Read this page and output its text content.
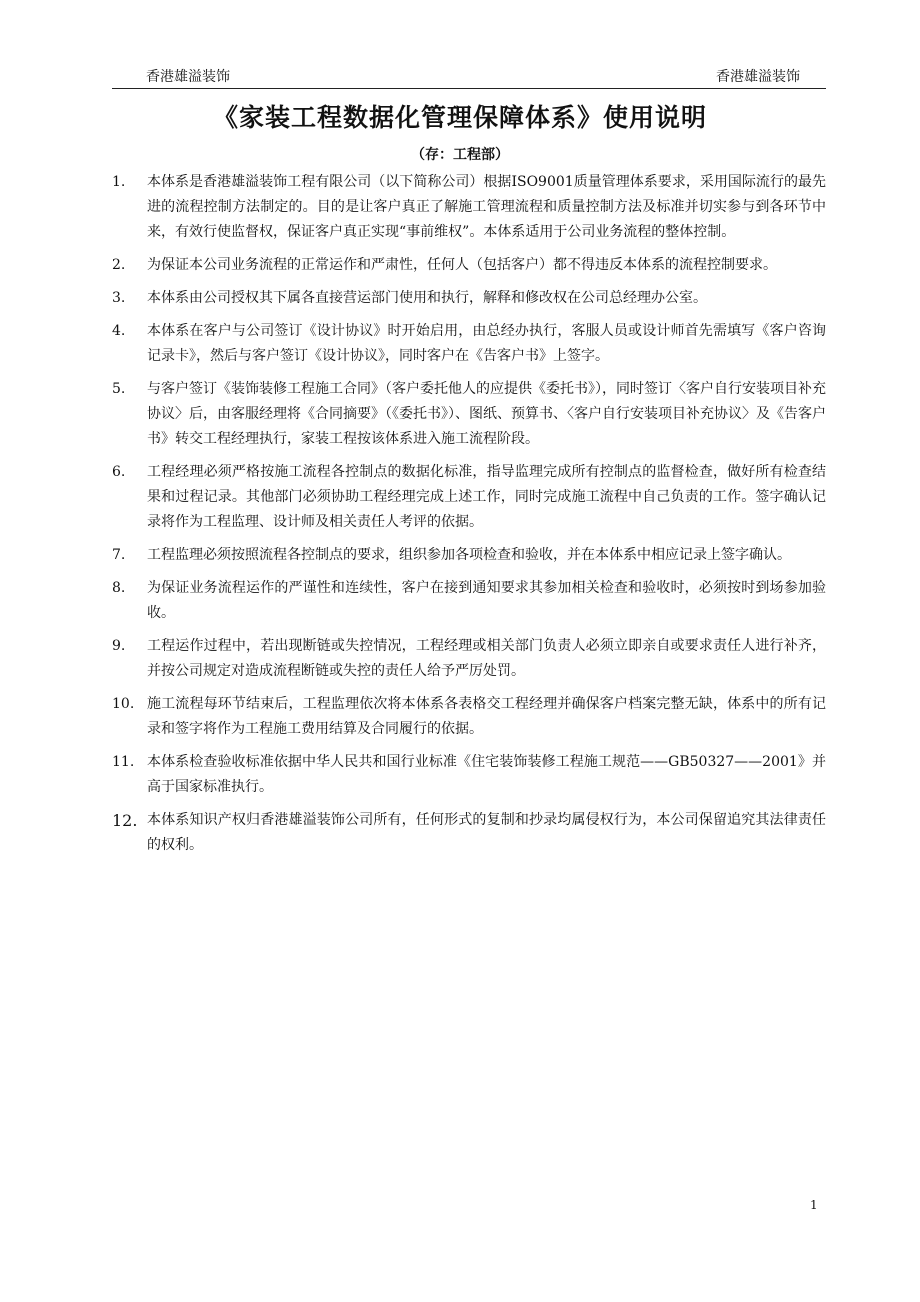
香港雄溢装饰	香港雄溢装饰
《家装工程数据化管理保障体系》使用说明
（存：工程部）
1.	本体系是香港雄溢装饰工程有限公司（以下简称公司）根据ISO9001质量管理体系要求，采用国际流行的最先进的流程控制方法制定的。目的是让客户真正了解施工管理流程和质量控制方法及标准并切实参与到各环节中来，有效行使监督权，保证客户真正实现“事前维权”。本体系适用于公司业务流程的整体控制。
2.	为保证本公司业务流程的正常运作和严肃性，任何人（包括客户）都不得违反本体系的流程控制要求。
3.	本体系由公司授权其下属各直接营运部门使用和执行，解释和修改权在公司总经理办公室。
4.	本体系在客户与公司签订《设计协议》时开始启用，由总经办执行，客服人员或设计师首先需填写《客户咨询记录卡》，然后与客户签订《设计协议》，同时客户在《告客户书》上签字。
5.	与客户签订《装饰装修工程施工合同》（客户委托他人的应提供《委托书》），同时签订〈客户自行安装项目补充协议〉后，由客服经理将《合同摘要》（《委托书》）、图纸、预算书、〈客户自行安装项目补充协议〉及《告客户书》转交工程经理执行，家装工程按该体系进入施工流程阶段。
6.	工程经理必须严格按施工流程各控制点的数据化标准，指导监理完成所有控制点的监督检查，做好所有检查结果和过程记录。其他部门必须协助工程经理完成上述工作，同时完成施工流程中自己负责的工作。签字确认记录将作为工程监理、设计师及相关责任人考评的依据。
7.	工程监理必须按照流程各控制点的要求，组织参加各项检查和验收，并在本体系中相应记录上签字确认。
8.	为保证业务流程运作的严谨性和连续性，客户在接到通知要求其参加相关检查和验收时，必须按时到场参加验收。
9.	工程运作过程中，若出现断链或失控情况，工程经理或相关部门负责人必须立即亲自或要求责任人进行补齐，并按公司规定对造成流程断链或失控的责任人给予严厉处罚。
10. 施工流程每环节结束后，工程监理依次将本体系各表格交工程经理并确保客户档案完整无缺，体系中的所有记录和签字将作为工程施工费用结算及合同履行的依据。
11. 本体系检查验收标准依据中华人民共和国行业标准《住宅装饰装修工程施工规范——GB50327——2001》并高于国家标准执行。
12. 本体系知识产权归香港雄溢装饰公司所有，任何形式的复制和抄录均属侵权行为，本公司保留追究其法律责任的权利。
1
